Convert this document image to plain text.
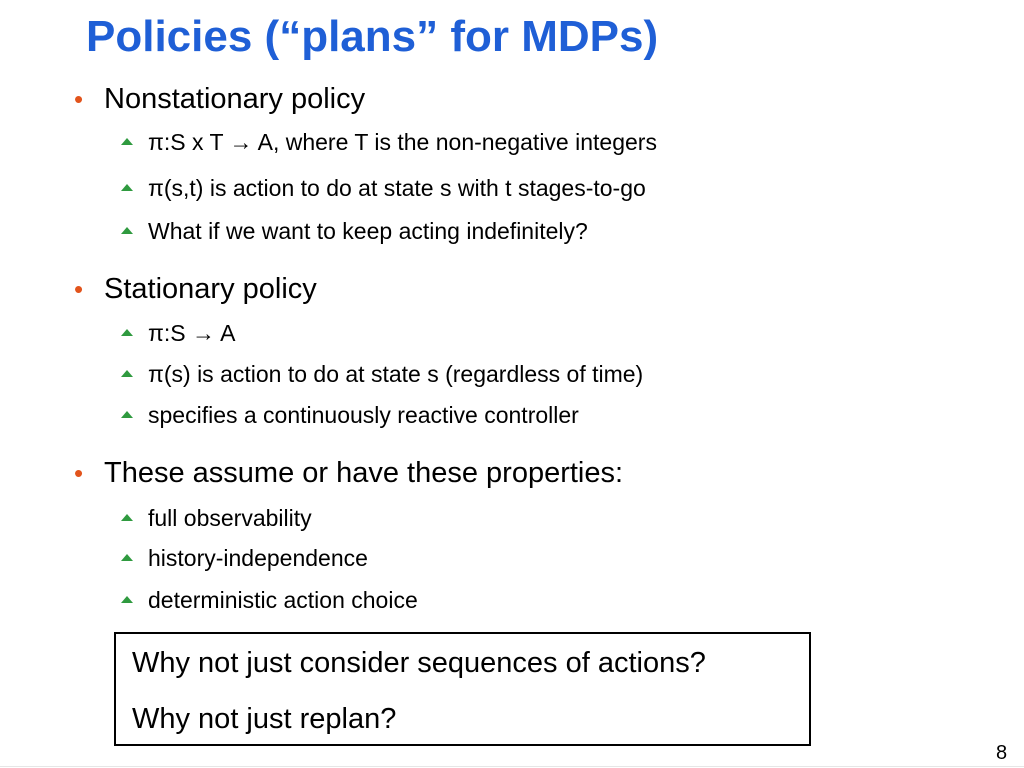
Policies (“plans” for MDPs)
• Nonstationary policy
π:S x T → A, where T is the non-negative integers
π(s,t) is action to do at state s with t stages-to-go
What if we want to keep acting indefinitely?
• Stationary policy
π:S → A
π(s) is action to do at state s (regardless of time)
specifies a continuously reactive controller
• These assume or have these properties:
full observability
history-independence
deterministic action choice
Why not just consider sequences of actions?
Why not just replan?
8
